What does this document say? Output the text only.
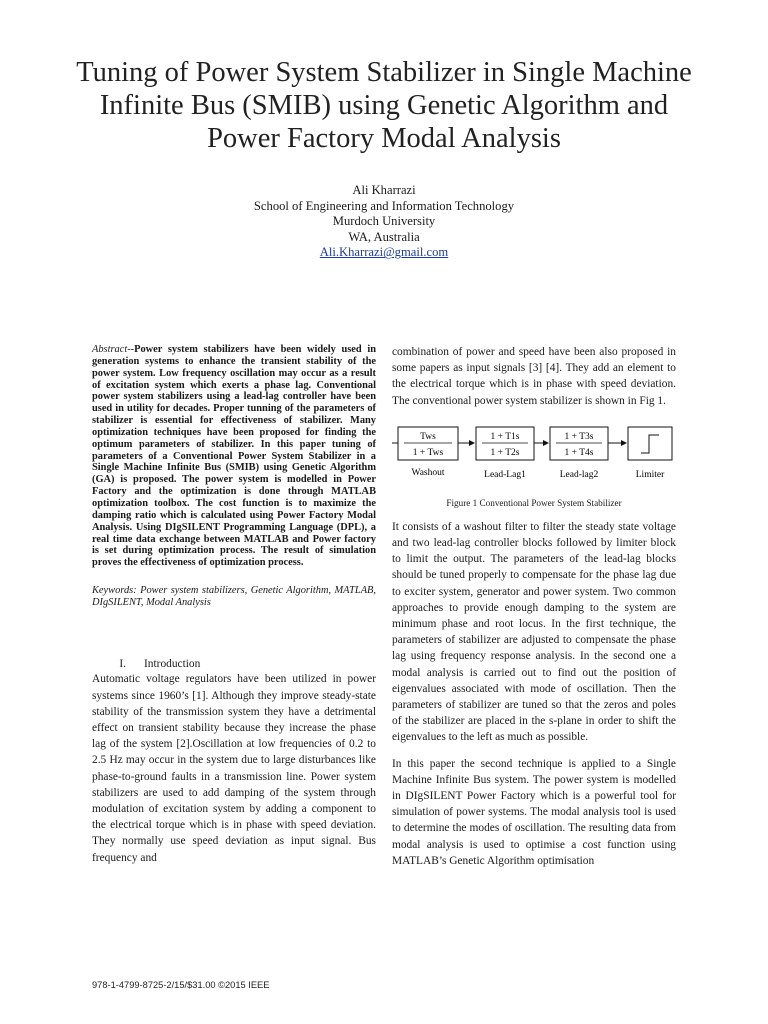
Tuning of Power System Stabilizer in Single Machine Infinite Bus (SMIB) using Genetic Algorithm and Power Factory Modal Analysis
Ali Kharrazi
School of Engineering and Information Technology
Murdoch University
WA, Australia
Ali.Kharrazi@gmail.com

Abstract--Power system stabilizers have been widely used in generation systems to enhance the transient stability of the power system. Low frequency oscillation may occur as a result of excitation system which exerts a phase lag. Conventional power system stabilizers using a lead-lag controller have been used in utility for decades. Proper tunning of the parameters of stabilizer is essential for effectiveness of stabilizer. Many optimization techniques have been proposed for finding the optimum parameters of stabilizer. In this paper tuning of parameters of a Conventional Power System Stabilizer in a Single Machine Infinite Bus (SMIB) using Genetic Algorithm (GA) is proposed. The power system is modelled in Power Factory and the optimization is done through MATLAB optimization toolbox. The cost function is to maximize the damping ratio which is calculated using Power Factory Modal Analysis. Using DIgSILENT Programming Language (DPL), a real time data exchange between MATLAB and Power factory is set during optimization process. The result of simulation proves the effectiveness of optimization process.

Keywords: Power system stabilizers, Genetic Algorithm, MATLAB, DIgSILENT, Modal Analysis

I. Introduction

Automatic voltage regulators have been utilized in power systems since 1960’s [1]. Although they improve steady-state stability of the transmission system they have a detrimental effect on transient stability because they increase the phase lag of the system [2].Oscillation at low frequencies of 0.2 to 2.5 Hz may occur in the system due to large disturbances like phase-to-ground faults in a transmission line. Power system stabilizers are used to add damping of the system through modulation of excitation system by adding a component to the electrical torque which is in phase with speed deviation. They normally use speed deviation as input signal. Bus frequency and

combination of power and speed have been also proposed in some papers as input signals [3] [4]. They add an element to the electrical torque which is in phase with speed deviation. The conventional power system stabilizer is shown in Fig 1.

Tws
1 + Tws
1 + T1s
1 + T2s
1 + T3s
1 + T4s
Washout	Lead-Lag1	Lead-lag2	Limiter
Figure 1 Conventional Power System Stabilizer

It consists of a washout filter to filter the steady state voltage and two lead-lag controller blocks followed by limiter block to limit the output. The parameters of the lead-lag blocks should be tuned properly to compensate for the phase lag due to exciter system, generator and power system. Two common approaches to provide enough damping to the system are minimum phase and root locus. In the first technique, the parameters of stabilizer are adjusted to compensate the phase lag using frequency response analysis. In the second one a modal analysis is carried out to find out the position of eigenvalues associated with mode of oscillation. Then the parameters of stabilizer are tuned so that the zeros and poles of the stabilizer are placed in the s-plane in order to shift the eigenvalues to the left as much as possible.

In this paper the second technique is applied to a Single Machine Infinite Bus system. The power system is modelled in DIgSILENT Power Factory which is a powerful tool for simulation of power systems. The modal analysis tool is used to determine the modes of oscillation. The resulting data from modal analysis is used to optimise a cost function using MATLAB’s Genetic Algorithm optimisation

978-1-4799-8725-2/15/$31.00 ©2015 IEEE
